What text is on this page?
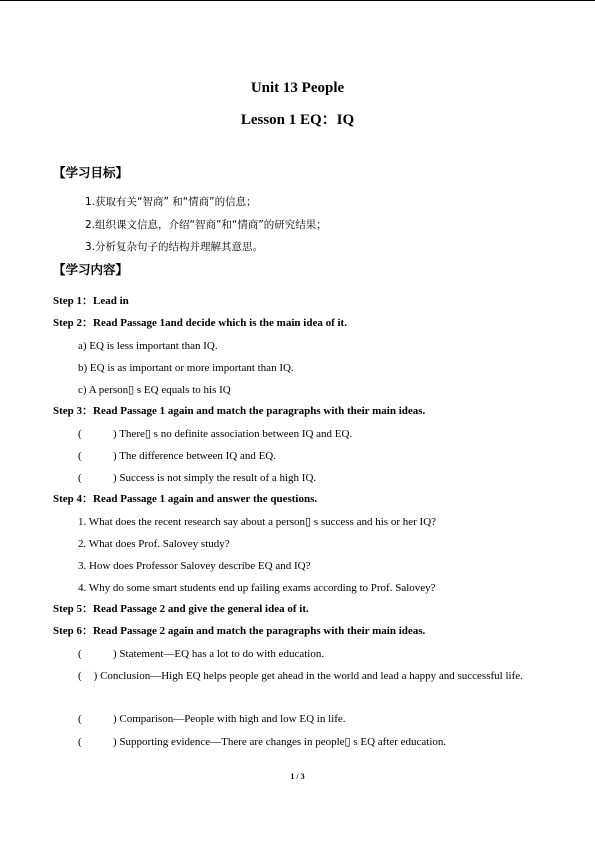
Unit 13 People
Lesson 1 EQ：IQ
【学习目标】
1.获取有关“智商” 和“情商”的信息；
2.组织课文信息，介绍“智商”和“情商”的研究结果；
3.分析复杂句子的结构并理解其意思。
【学习内容】
Step 1：Lead in
Step 2：Read Passage 1and decide which is the main idea of it.
a) EQ is less important than IQ.
b) EQ is as important or more important than IQ.
c) A person▯ s EQ equals to his IQ
Step 3：Read Passage 1 again and match the paragraphs with their main ideas.
(	) There▯ s no definite association between IQ and EQ.
(	) The difference between IQ and EQ.
(	) Success is not simply the result of a high IQ.
Step 4：Read Passage 1 again and answer the questions.
1. What does the recent research say about a person▯ s success and his or her IQ?
2. What does Prof. Salovey study?
3. How does Professor Salovey describe EQ and IQ?
4. Why do some smart students end up failing exams according to Prof. Salovey?
Step 5：Read Passage 2 and give the general idea of it.
Step 6：Read Passage 2 again and match the paragraphs with their main ideas.
(	) Statement—EQ has a lot to do with education.
( ) Conclusion—High EQ helps people get ahead in the world and lead a happy and successful life.
(	) Comparison—People with high and low EQ in life.
(	) Supporting evidence—There are changes in people▯ s EQ after education.
1 / 3
